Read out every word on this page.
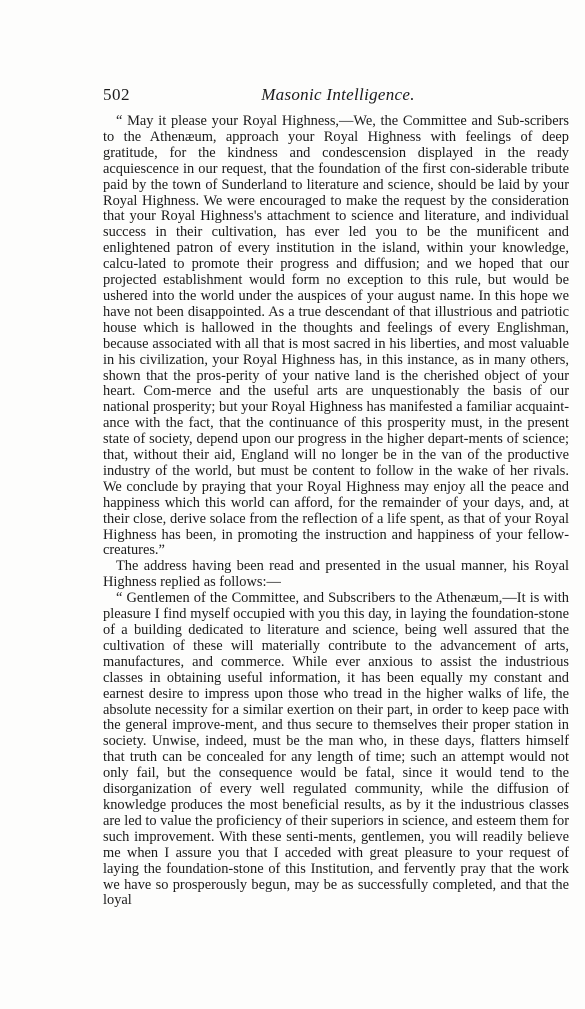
502	Masonic Intelligence.

“ May it please your Royal Highness,—We, the Committee and Sub-scribers to the Athenæum, approach your Royal Highness with feelings of deep gratitude, for the kindness and condescension displayed in the ready acquiescence in our request, that the foundation of the first con-siderable tribute paid by the town of Sunderland to literature and science, should be laid by your Royal Highness. We were encouraged to make the request by the consideration that your Royal Highness's attachment to science and literature, and individual success in their cultivation, has ever led you to be the munificent and enlightened patron of every institution in the island, within your knowledge, calcu-lated to promote their progress and diffusion; and we hoped that our projected establishment would form no exception to this rule, but would be ushered into the world under the auspices of your august name. In this hope we have not been disappointed. As a true descendant of that illustrious and patriotic house which is hallowed in the thoughts and feelings of every Englishman, because associated with all that is most sacred in his liberties, and most valuable in his civilization, your Royal Highness has, in this instance, as in many others, shown that the pros-perity of your native land is the cherished object of your heart. Com-merce and the useful arts are unquestionably the basis of our national prosperity; but your Royal Highness has manifested a familiar acquaint-ance with the fact, that the continuance of this prosperity must, in the present state of society, depend upon our progress in the higher depart-ments of science; that, without their aid, England will no longer be in the van of the productive industry of the world, but must be content to follow in the wake of her rivals. We conclude by praying that your Royal Highness may enjoy all the peace and happiness which this world can afford, for the remainder of your days, and, at their close, derive solace from the reflection of a life spent, as that of your Royal Highness has been, in promoting the instruction and happiness of your fellow-creatures.”

The address having been read and presented in the usual manner, his Royal Highness replied as follows:—

“ Gentlemen of the Committee, and Subscribers to the Athenæum,—It is with pleasure I find myself occupied with you this day, in laying the foundation-stone of a building dedicated to literature and science, being well assured that the cultivation of these will materially contribute to the advancement of arts, manufactures, and commerce. While ever anxious to assist the industrious classes in obtaining useful information, it has been equally my constant and earnest desire to impress upon those who tread in the higher walks of life, the absolute necessity for a similar exertion on their part, in order to keep pace with the general improve-ment, and thus secure to themselves their proper station in society. Unwise, indeed, must be the man who, in these days, flatters himself that truth can be concealed for any length of time; such an attempt would not only fail, but the consequence would be fatal, since it would tend to the disorganization of every well regulated community, while the diffusion of knowledge produces the most beneficial results, as by it the industrious classes are led to value the proficiency of their superiors in science, and esteem them for such improvement. With these senti-ments, gentlemen, you will readily believe me when I assure you that I acceded with great pleasure to your request of laying the foundation-stone of this Institution, and fervently pray that the work we have so prosperously begun, may be as successfully completed, and that the loyal
